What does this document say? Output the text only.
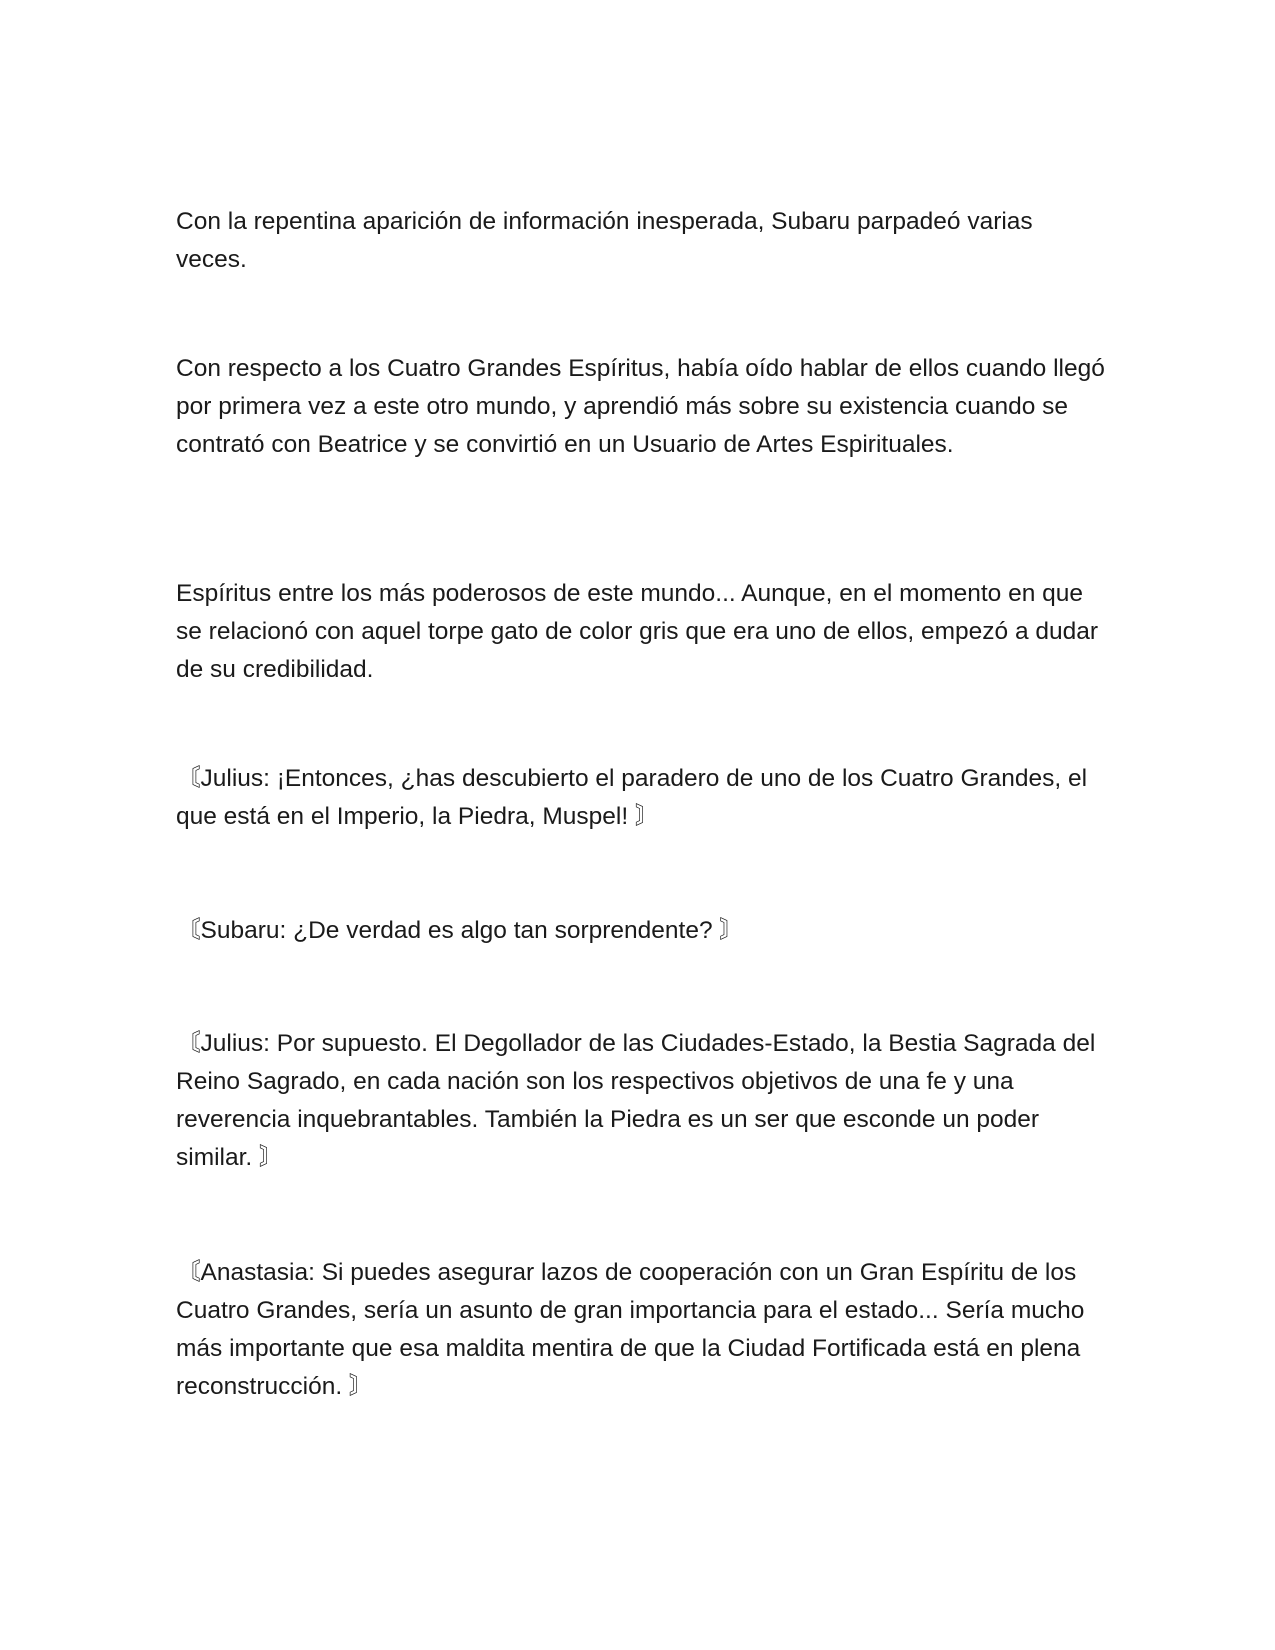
Con la repentina aparición de información inesperada, Subaru parpadeó varias veces.

Con respecto a los Cuatro Grandes Espíritus, había oído hablar de ellos cuando llegó por primera vez a este otro mundo, y aprendió más sobre su existencia cuando se contrató con Beatrice y se convirtió en un Usuario de Artes Espirituales.

Espíritus entre los más poderosos de este mundo... Aunque, en el momento en que se relacionó con aquel torpe gato de color gris que era uno de ellos, empezó a dudar de su credibilidad.

〘Julius: ¡Entonces, ¿has descubierto el paradero de uno de los Cuatro Grandes, el que está en el Imperio, la Piedra, Muspel! 〙

〘Subaru: ¿De verdad es algo tan sorprendente? 〙

〘Julius: Por supuesto. El Degollador de las Ciudades-Estado, la Bestia Sagrada del Reino Sagrado, en cada nación son los respectivos objetivos de una fe y una reverencia inquebrantables. También la Piedra es un ser que esconde un poder similar. 〙

〘Anastasia: Si puedes asegurar lazos de cooperación con un Gran Espíritu de los Cuatro Grandes, sería un asunto de gran importancia para el estado... Sería mucho más importante que esa maldita mentira de que la Ciudad Fortificada está en plena reconstrucción. 〙
